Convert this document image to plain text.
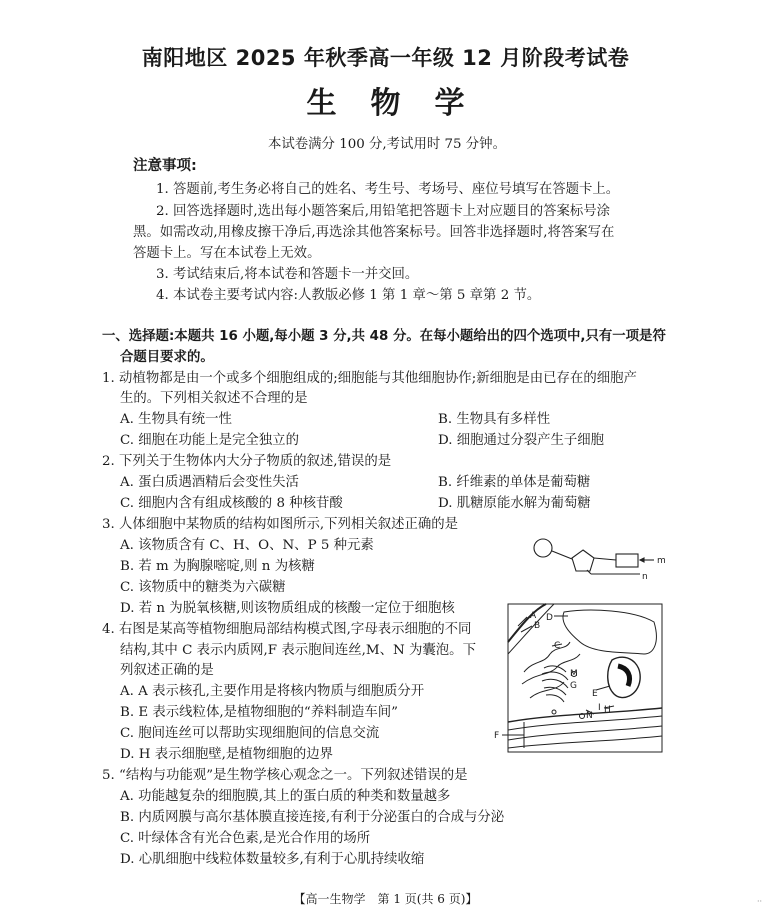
南阳地区 2025 年秋季高一年级 12 月阶段考试卷
生物学
本试卷满分 100 分,考试用时 75 分钟。
注意事项:
1. 答题前,考生务必将自己的姓名、考生号、考场号、座位号填写在答题卡上。
2. 回答选择题时,选出每小题答案后,用铅笔把答题卡上对应题目的答案标号涂
黑。如需改动,用橡皮擦干净后,再选涂其他答案标号。回答非选择题时,将答案写在
答题卡上。写在本试卷上无效。
3. 考试结束后,将本试卷和答题卡一并交回。
4. 本试卷主要考试内容:人教版必修 1 第 1 章～第 5 章第 2 节。
一、选择题:本题共 16 小题,每小题 3 分,共 48 分。在每小题给出的四个选项中,只有一项是符
合题目要求的。
1. 动植物都是由一个或多个细胞组成的;细胞能与其他细胞协作;新细胞是由已存在的细胞产
生的。下列相关叙述不合理的是
A. 生物具有统一性	B. 生物具有多样性
C. 细胞在功能上是完全独立的	D. 细胞通过分裂产生子细胞
2. 下列关于生物体内大分子物质的叙述,错误的是
A. 蛋白质遇酒精后会变性失活	B. 纤维素的单体是葡萄糖
C. 细胞内含有组成核酸的 8 种核苷酸	D. 肌糖原能水解为葡萄糖
3. 人体细胞中某物质的结构如图所示,下列相关叙述正确的是
A. 该物质含有 C、H、O、N、P 5 种元素
B. 若 m 为胸腺嘧啶,则 n 为核糖
C. 该物质中的糖类为六碳糖
D. 若 n 为脱氧核糖,则该物质组成的核酸一定位于细胞核
m
n
4. 右图是某高等植物细胞局部结构模式图,字母表示细胞的不同
结构,其中 C 表示内质网,F 表示胞间连丝,M、N 为囊泡。下
列叙述正确的是
A. A 表示核孔,主要作用是将核内物质与细胞质分开
B. E 表示线粒体,是植物细胞的“养料制造车间”
C. 胞间连丝可以帮助实现细胞间的信息交流
D. H 表示细胞壁,是植物细胞的边界
A
B
C
D
E
F
G
H
I
M
N
5. “结构与功能观”是生物学核心观念之一。下列叙述错误的是
A. 功能越复杂的细胞膜,其上的蛋白质的种类和数量越多
B. 内质网膜与高尔基体膜直接连接,有利于分泌蛋白的合成与分泌
C. 叶绿体含有光合色素,是光合作用的场所
D. 心肌细胞中线粒体数量较多,有利于心肌持续收缩
【高一生物学　第 1 页(共 6 页)】	··
